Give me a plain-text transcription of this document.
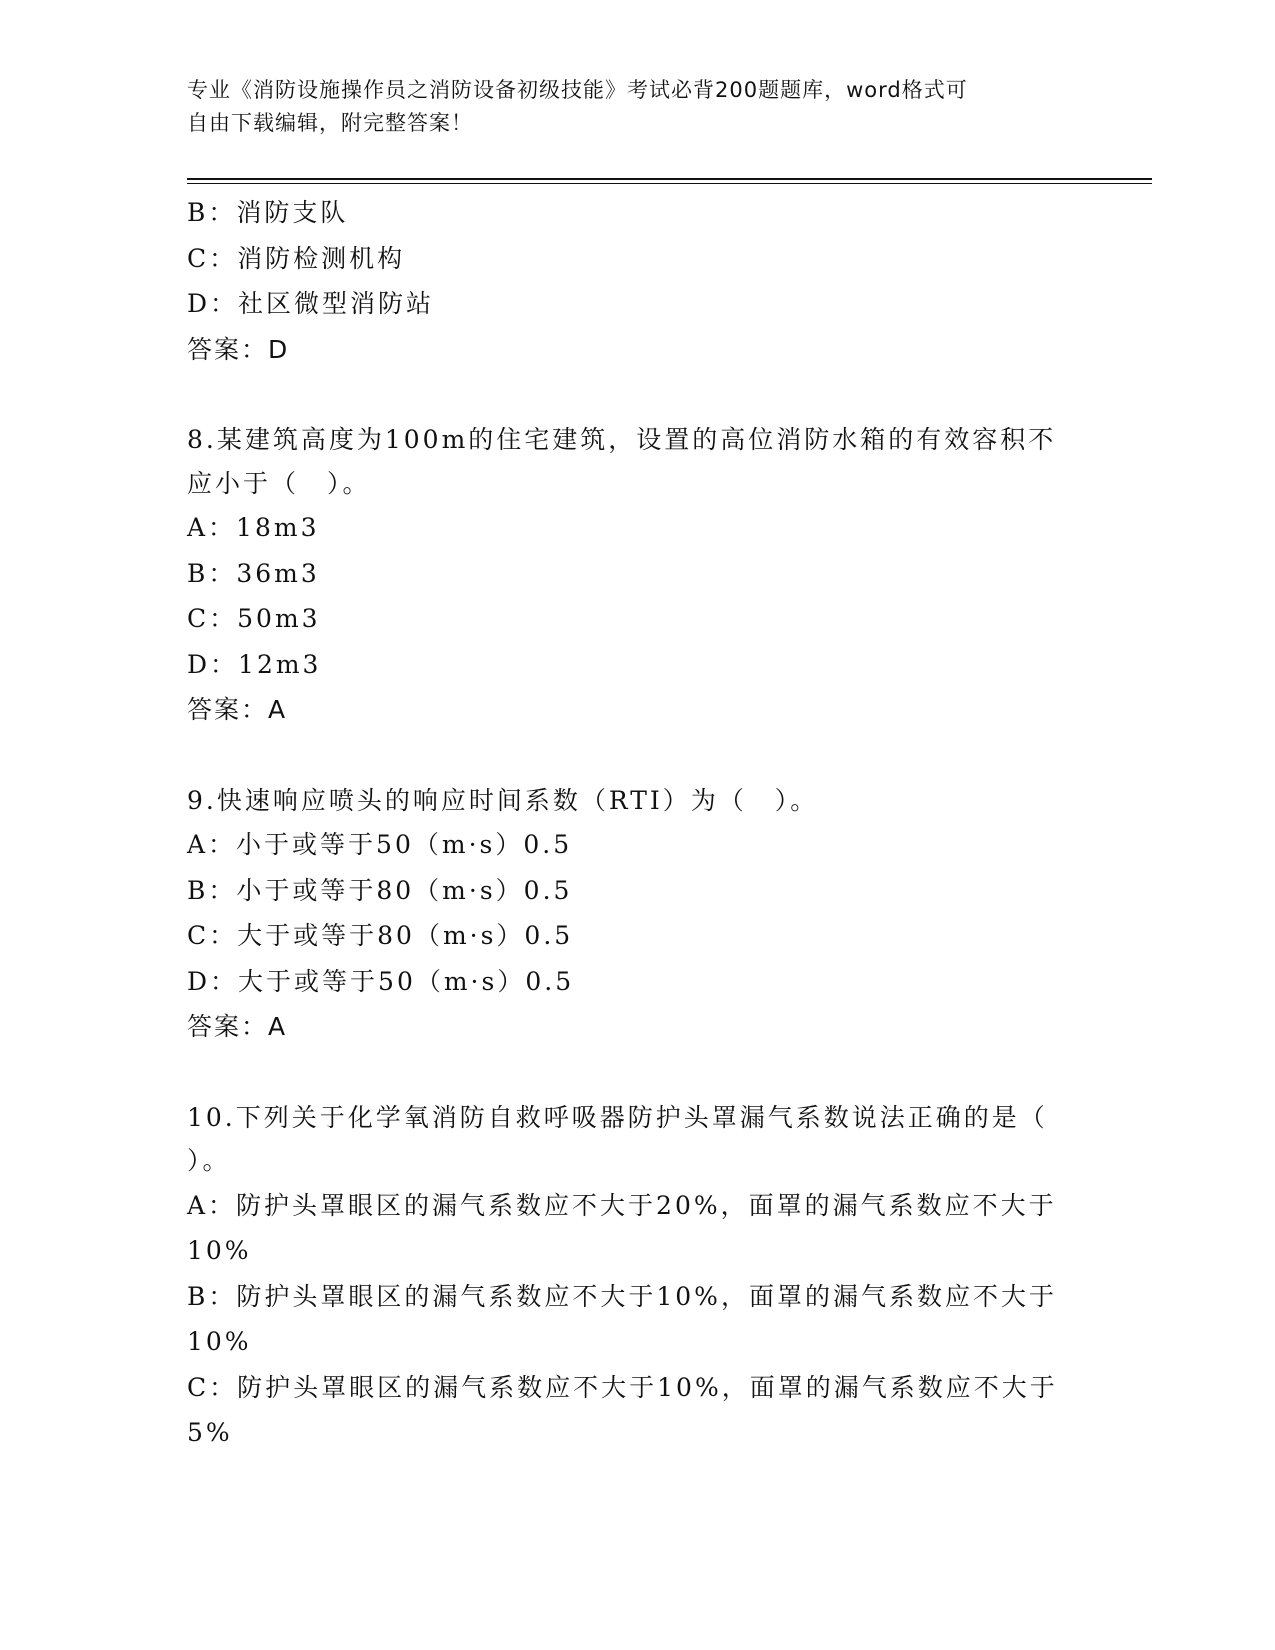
专业《消防设施操作员之消防设备初级技能》考试必背200题题库，word格式可
自由下载编辑，附完整答案！
B：消防支队
C：消防检测机构
D：社区微型消防站
答案：D
8.某建筑高度为100m的住宅建筑，设置的高位消防水箱的有效容积不
应小于（　）。
A：18m3
B：36m3
C：50m3
D：12m3
答案：A
9.快速响应喷头的响应时间系数（RTI）为（　）。
A：小于或等于50（m·s）0.5
B：小于或等于80（m·s）0.5
C：大于或等于80（m·s）0.5
D：大于或等于50（m·s）0.5
答案：A
10.下列关于化学氧消防自救呼吸器防护头罩漏气系数说法正确的是（
）。
A：防护头罩眼区的漏气系数应不大于20%，面罩的漏气系数应不大于
10%
B：防护头罩眼区的漏气系数应不大于10%，面罩的漏气系数应不大于
10%
C：防护头罩眼区的漏气系数应不大于10%，面罩的漏气系数应不大于
5%
